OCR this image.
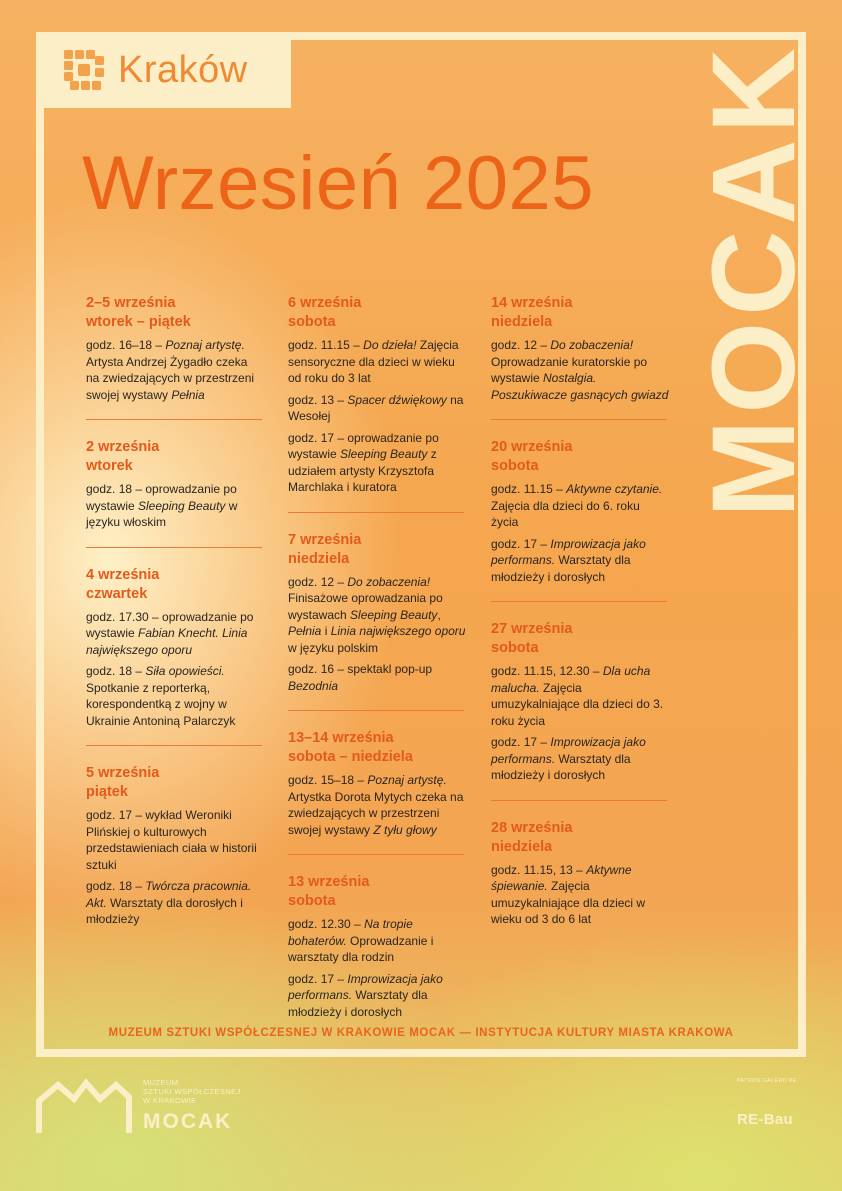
Kraków	MOCAK
Wrzesień 2025
2–5 września
wtorek – piątek
godz. 16–18 – Poznaj artystę. Artysta Andrzej Żygadło czeka na zwiedzających w przestrzeni swojej wystawy Pełnia
2 września
wtorek
godz. 18 – oprowadzanie po wystawie Sleeping Beauty w języku włoskim
4 września
czwartek
godz. 17.30 – oprowadzanie po wystawie Fabian Knecht. Linia największego oporu
godz. 18 – Siła opowieści. Spotkanie z reporterką, korespondentką z wojny w Ukrainie Antoniną Palarczyk
5 września
piątek
godz. 17 – wykład Weroniki Plińskiej o kulturowych przedstawieniach ciała w historii sztuki
godz. 18 – Twórcza pracownia. Akt. Warsztaty dla dorosłych i młodzieży
6 września
sobota
godz. 11.15 – Do dzieła! Zajęcia sensoryczne dla dzieci w wieku od roku do 3 lat
godz. 13 – Spacer dźwiękowy na Wesołej
godz. 17 – oprowadzanie po wystawie Sleeping Beauty z udziałem artysty Krzysztofa Marchlaka i kuratora
7 września
niedziela
godz. 12 – Do zobaczenia! Finisażowe oprowadzania po wystawach Sleeping Beauty, Pełnia i Linia największego oporu w języku polskim
godz. 16 – spektakl pop-up Bezodnia
13–14 września
sobota – niedziela
godz. 15–18 – Poznaj artystę. Artystka Dorota Mytych czeka na zwiedzających w przestrzeni swojej wystawy Z tyłu głowy
13 września
sobota
godz. 12.30 – Na tropie bohaterów. Oprowadzanie i warsztaty dla rodzin
godz. 17 – Improwizacja jako performans. Warsztaty dla młodzieży i dorosłych
14 września
niedziela
godz. 12 – Do zobaczenia! Oprowadzanie kuratorskie po wystawie Nostalgia. Poszukiwacze gasnących gwiazd
20 września
sobota
godz. 11.15 – Aktywne czytanie. Zajęcia dla dzieci do 6. roku życia
godz. 17 – Improwizacja jako performans. Warsztaty dla młodzieży i dorosłych
27 września
sobota
godz. 11.15, 12.30 – Dla ucha malucha. Zajęcia umuzykalniające dla dzieci do 3. roku życia
godz. 17 – Improwizacja jako performans. Warsztaty dla młodzieży i dorosłych
28 września
niedziela
godz. 11.15, 13 – Aktywne śpiewanie. Zajęcia umuzykalniające dla dzieci w wieku od 3 do 6 lat
MUZEUM SZTUKI WSPÓŁCZESNEJ W KRAKOWIE MOCAK — INSTYTUCJA KULTURY MIASTA KRAKOWA
MUZEUM
SZTUKI WSPÓŁCZESNEJ
W KRAKOWIE
MOCAK
PATRON GALERII RE
RE-Bau
